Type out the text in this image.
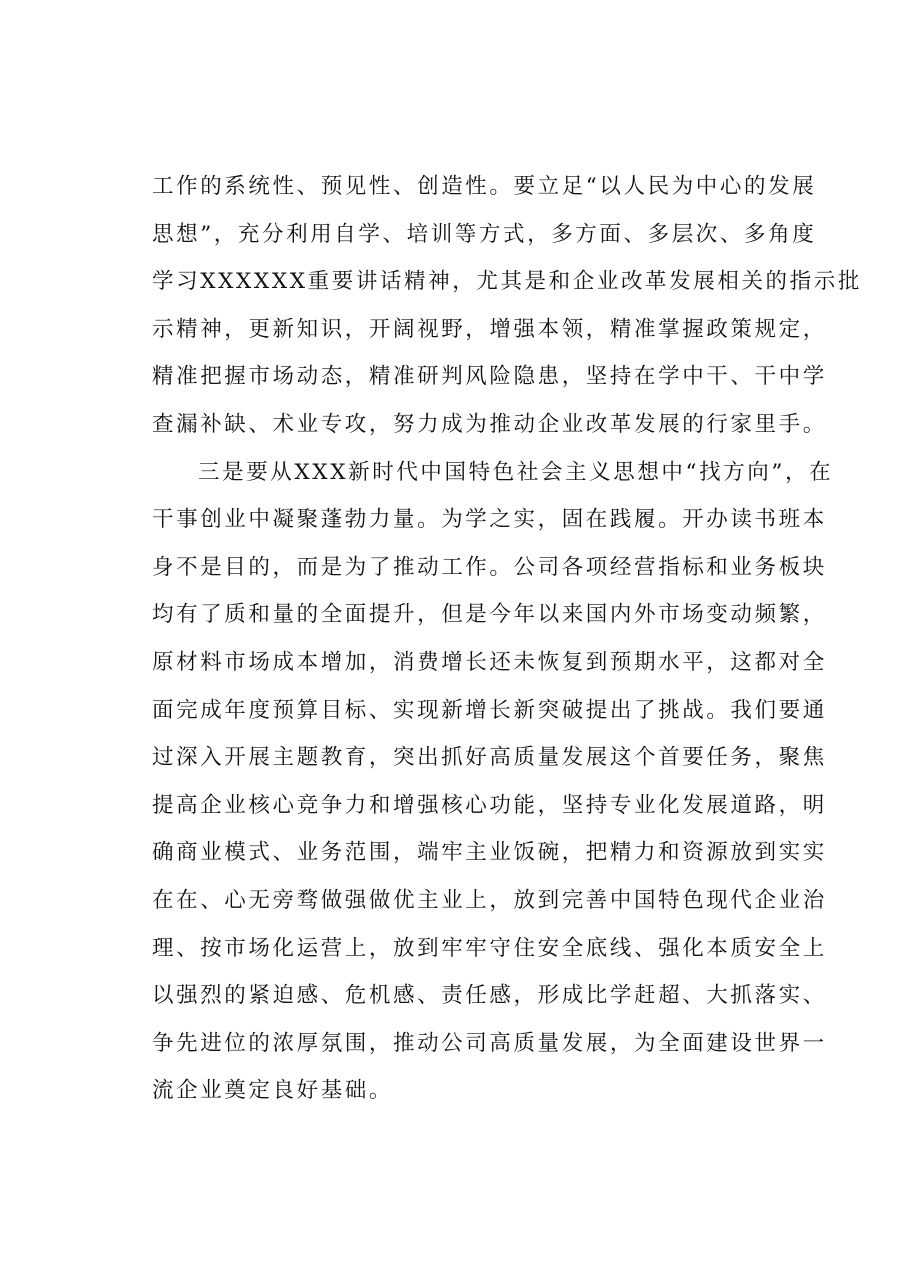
工作的系统性、预见性、创造性。要立足“以人民为中心的发展
思想”，充分利用自学、培训等方式，多方面、多层次、多角度
学习XXXXXX重要讲话精神，尤其是和企业改革发展相关的指示批
示精神，更新知识，开阔视野，增强本领，精准掌握政策规定，
精准把握市场动态，精准研判风险隐患，坚持在学中干、干中学
查漏补缺、术业专攻，努力成为推动企业改革发展的行家里手。
三是要从XXX新时代中国特色社会主义思想中“找方向”，在
干事创业中凝聚蓬勃力量。为学之实，固在践履。开办读书班本
身不是目的，而是为了推动工作。公司各项经营指标和业务板块
均有了质和量的全面提升，但是今年以来国内外市场变动频繁，
原材料市场成本增加，消费增长还未恢复到预期水平，这都对全
面完成年度预算目标、实现新增长新突破提出了挑战。我们要通
过深入开展主题教育，突出抓好高质量发展这个首要任务，聚焦
提高企业核心竞争力和增强核心功能，坚持专业化发展道路，明
确商业模式、业务范围，端牢主业饭碗，把精力和资源放到实实
在在、心无旁骛做强做优主业上，放到完善中国特色现代企业治
理、按市场化运营上，放到牢牢守住安全底线、强化本质安全上
以强烈的紧迫感、危机感、责任感，形成比学赶超、大抓落实、
争先进位的浓厚氛围，推动公司高质量发展，为全面建设世界一
流企业奠定良好基础。
